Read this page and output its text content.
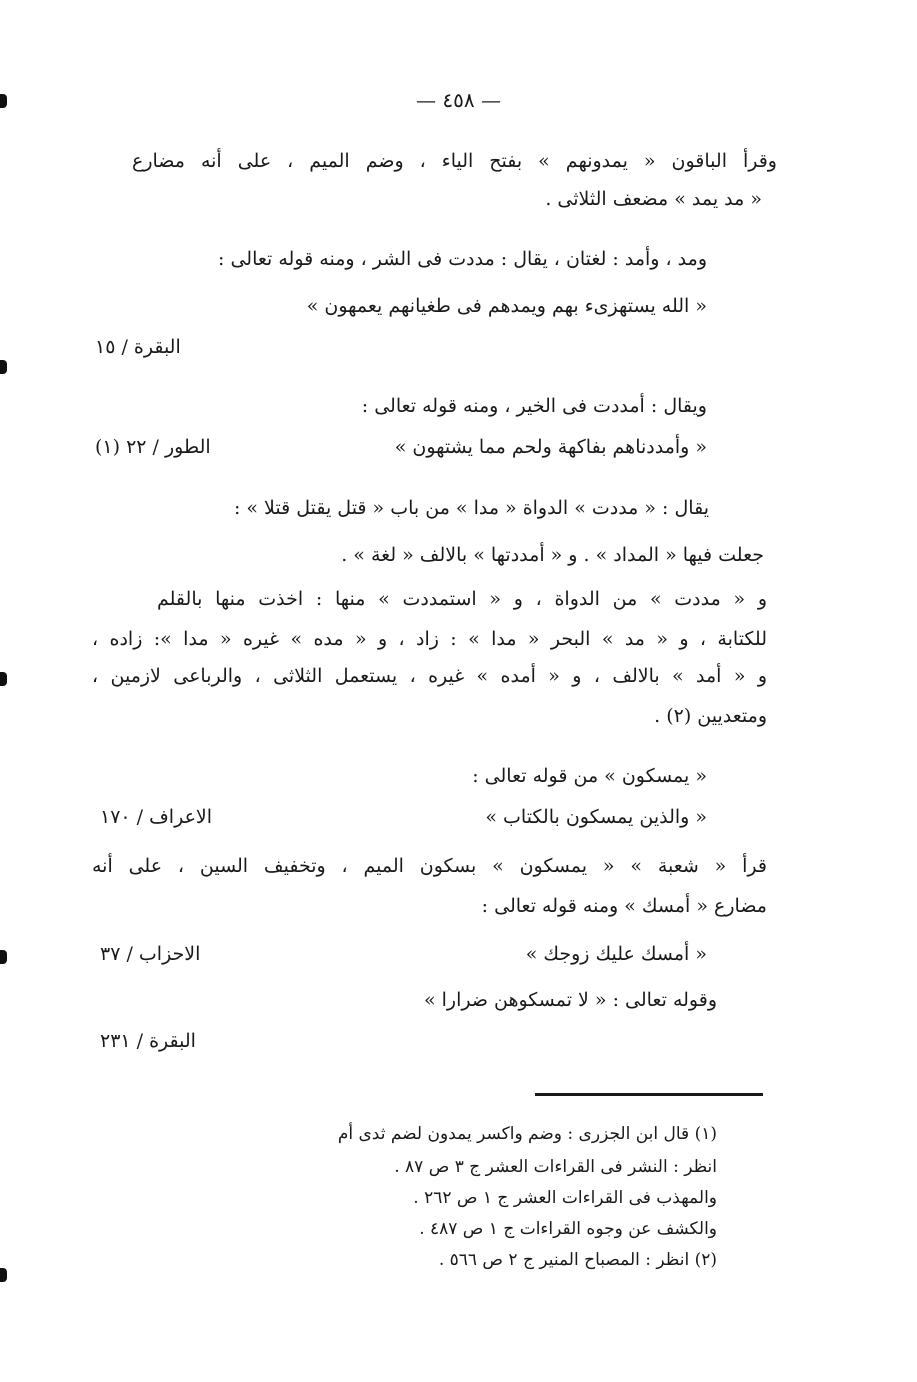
— ٤٥٨ —
وقرأ الباقون « يمدونهم » بفتح الياء ، وضم الميم ، على أنه مضارع
« مد يمد » مضعف الثلاثى .
ومد ، وأمد : لغتان ، يقال : مددت فى الشر ، ومنه قوله تعالى :
« الله يستهزىء بهم ويمدهم فى طغيانهم يعمهون »
البقرة / ١٥
ويقال : أمددت فى الخير ، ومنه قوله تعالى :
« وأمددناهم بفاكهة ولحم مما يشتهون »
الطور / ٢٢ (١)
يقال : « مددت » الدواة « مدا » من باب « قتل يقتل قتلا » :
جعلت فيها « المداد » . و « أمددتها » بالالف « لغة » .
و « مددت » من الدواة ، و « استمددت » منها : اخذت منها بالقلم
للكتابة ، و « مد » البحر « مدا » : زاد ، و « مده » غيره « مدا »: زاده ،
و « أمد » بالالف ، و « أمده » غيره ، يستعمل الثلاثى ، والرباعى لازمين ،
ومتعديين (٢) .
« يمسكون » من قوله تعالى :
« والذين يمسكون بالكتاب »
الاعراف / ١٧٠
قرأ « شعبة » « يمسكون » بسكون الميم ، وتخفيف السين ، على أنه
مضارع « أمسك » ومنه قوله تعالى :
« أمسك عليك زوجك »
الاحزاب / ٣٧
وقوله تعالى : « لا تمسكوهن ضرارا »
البقرة / ٢٣١
(١) قال ابن الجزرى : وضم واكسر يمدون لضم ثدى أم
انظر : النشر فى القراءات العشر ج ٣ ص ٨٧ .
والمهذب فى القراءات العشر ج ١ ص ٢٦٢ .
والكشف عن وجوه القراءات ج ١ ص ٤٨٧ .
(٢) انظر : المصباح المنير ج ٢ ص ٥٦٦ .
